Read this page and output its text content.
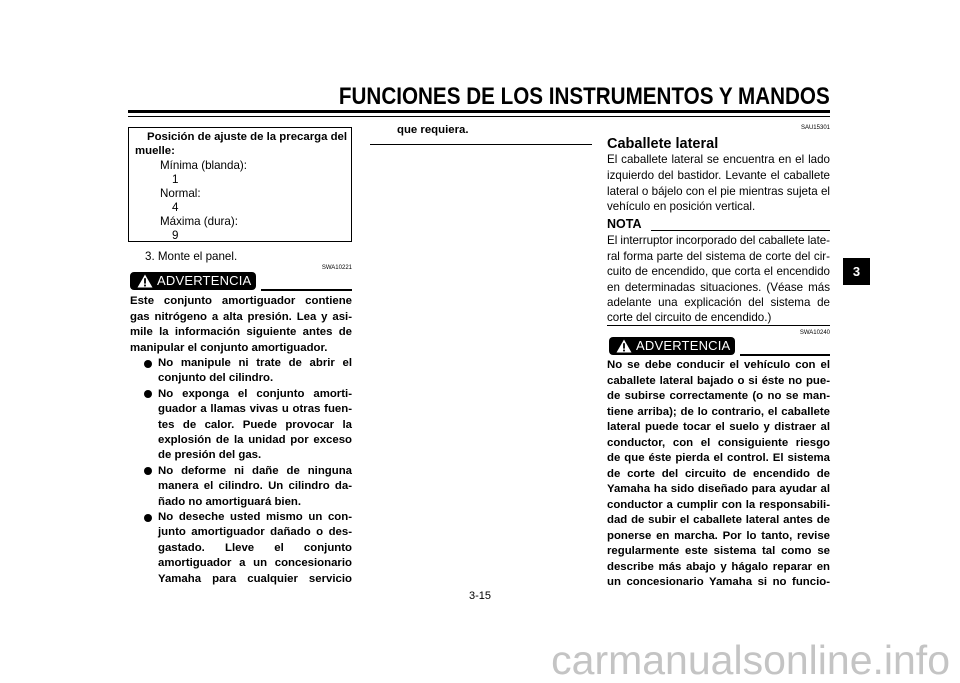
FUNCIONES DE LOS INSTRUMENTOS Y MANDOS
3
Posición de ajuste de la precarga del
muelle:
Mínima (blanda):
1
Normal:
4
Máxima (dura):
9
3. Monte el panel.
SWA10221
ADVERTENCIA
Este conjunto amortiguador contiene
gas nitrógeno a alta presión. Lea y asi-
mile la información siguiente antes de
manipular el conjunto amortiguador.
No manipule ni trate de abrir el
conjunto del cilindro.
No exponga el conjunto amorti-
guador a llamas vivas u otras fuen-
tes de calor. Puede provocar la
explosión de la unidad por exceso
de presión del gas.
No deforme ni dañe de ninguna
manera el cilindro. Un cilindro da-
ñado no amortiguará bien.
No deseche usted mismo un con-
junto amortiguador dañado o des-
gastado. Lleve el conjunto
amortiguador a un concesionario
Yamaha para cualquier servicio
que requiera.	SAU15301
Caballete lateral
El caballete lateral se encuentra en el lado
izquierdo del bastidor. Levante el caballete
lateral o bájelo con el pie mientras sujeta el
vehículo en posición vertical.
NOTA
El interruptor incorporado del caballete late-
ral forma parte del sistema de corte del cir-
cuito de encendido, que corta el encendido
en determinadas situaciones. (Véase más
adelante una explicación del sistema de
corte del circuito de encendido.)
SWA10240
ADVERTENCIA
No se debe conducir el vehículo con el
caballete lateral bajado o si éste no pue-
de subirse correctamente (o no se man-
tiene arriba); de lo contrario, el caballete
lateral puede tocar el suelo y distraer al
conductor, con el consiguiente riesgo
de que éste pierda el control. El sistema
de corte del circuito de encendido de
Yamaha ha sido diseñado para ayudar al
conductor a cumplir con la responsabili-
dad de subir el caballete lateral antes de
ponerse en marcha. Por lo tanto, revise
regularmente este sistema tal como se
describe más abajo y hágalo reparar en
un concesionario Yamaha si no funcio-
3-15
carmanualsonline.info
